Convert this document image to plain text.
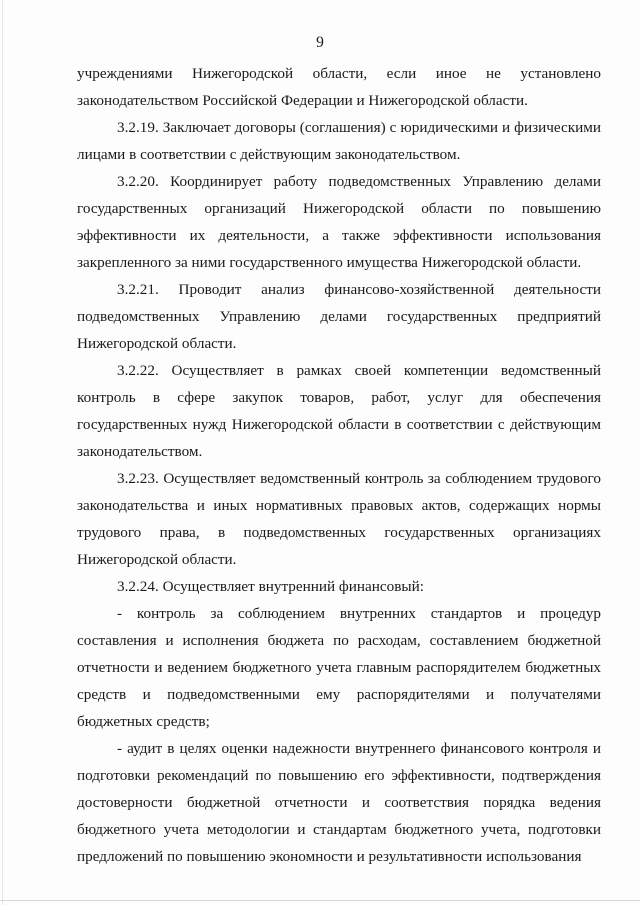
9

учреждениями Нижегородской области, если иное не установлено законодательством Российской Федерации и Нижегородской области.

3.2.19. Заключает договоры (соглашения) с юридическими и физическими лицами в соответствии с действующим законодательством.

3.2.20. Координирует работу подведомственных Управлению делами государственных организаций Нижегородской области по повышению эффективности их деятельности, а также эффективности использования закрепленного за ними государственного имущества Нижегородской области.

3.2.21. Проводит анализ финансово-хозяйственной деятельности подведомственных Управлению делами государственных предприятий Нижегородской области.

3.2.22. Осуществляет в рамках своей компетенции ведомственный контроль в сфере закупок товаров, работ, услуг для обеспечения государственных нужд Нижегородской области в соответствии с действующим законодательством.

3.2.23. Осуществляет ведомственный контроль за соблюдением трудового законодательства и иных нормативных правовых актов, содержащих нормы трудового права, в подведомственных государственных организациях Нижегородской области.

3.2.24. Осуществляет внутренний финансовый:

- контроль за соблюдением внутренних стандартов и процедур составления и исполнения бюджета по расходам, составлением бюджетной отчетности и ведением бюджетного учета главным распорядителем бюджетных средств и подведомственными ему распорядителями и получателями бюджетных средств;

- аудит в целях оценки надежности внутреннего финансового контроля и подготовки рекомендаций по повышению его эффективности, подтверждения достоверности бюджетной отчетности и соответствия порядка ведения бюджетного учета методологии и стандартам бюджетного учета, подготовки предложений по повышению экономности и результативности использования
